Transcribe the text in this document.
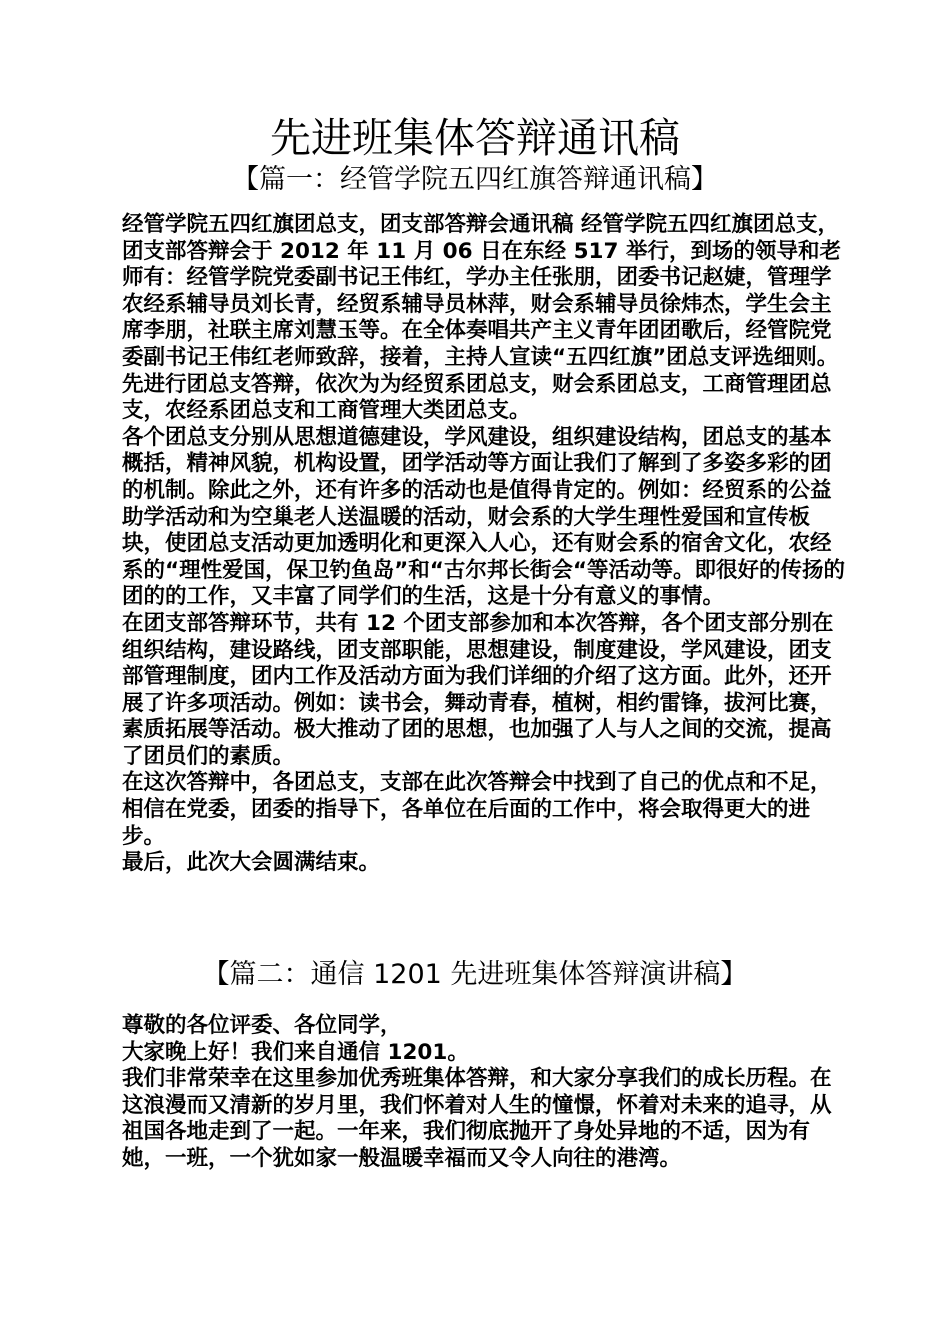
先进班集体答辩通讯稿
【篇一：经管学院五四红旗答辩通讯稿】

经管学院五四红旗团总支，团支部答辩会通讯稿 经管学院五四红旗团总支，团支部答辩会于 2012 年 11 月 06 日在东经 517 举行，到场的领导和老师有：经管学院党委副书记王伟红，学办主任张朋，团委书记赵婕，管理学农经系辅导员刘长青，经贸系辅导员林萍，财会系辅导员徐炜杰，学生会主席李朋，社联主席刘慧玉等。在全体奏唱共产主义青年团团歌后，经管院党委副书记王伟红老师致辞，接着，主持人宣读“五四红旗”团总支评选细则。

先进行团总支答辩，依次为为经贸系团总支，财会系团总支，工商管理团总支，农经系团总支和工商管理大类团总支。

各个团总支分别从思想道德建设，学风建设，组织建设结构，团总支的基本概括，精神风貌，机构设置，团学活动等方面让我们了解到了多姿多彩的团的机制。除此之外，还有许多的活动也是值得肯定的。例如：经贸系的公益助学活动和为空巢老人送温暖的活动，财会系的大学生理性爱国和宣传板块，使团总支活动更加透明化和更深入人心，还有财会系的宿舍文化，农经系的“理性爱国，保卫钓鱼岛”和“古尔邦长街会“等活动等。即很好的传扬的团的的工作，又丰富了同学们的生活，这是十分有意义的事情。

在团支部答辩环节，共有 12 个团支部参加和本次答辩，各个团支部分别在组织结构，建设路线，团支部职能，思想建设，制度建设，学风建设，团支部管理制度，团内工作及活动方面为我们详细的介绍了这方面。此外，还开展了许多项活动。例如：读书会，舞动青春，植树，相约雷锋，拔河比赛，素质拓展等活动。极大推动了团的思想，也加强了人与人之间的交流，提高了团员们的素质。

在这次答辩中，各团总支，支部在此次答辩会中找到了自己的优点和不足，相信在党委，团委的指导下，各单位在后面的工作中，将会取得更大的进步。

最后，此次大会圆满结束。

【篇二：通信 1201 先进班集体答辩演讲稿】

尊敬的各位评委、各位同学，

大家晚上好！我们来自通信 1201。

我们非常荣幸在这里参加优秀班集体答辩，和大家分享我们的成长历程。在这浪漫而又清新的岁月里，我们怀着对人生的憧憬，怀着对未来的追寻，从祖国各地走到了一起。一年来，我们彻底抛开了身处异地的不适，因为有她，一班，一个犹如家一般温暖幸福而又令人向往的港湾。
